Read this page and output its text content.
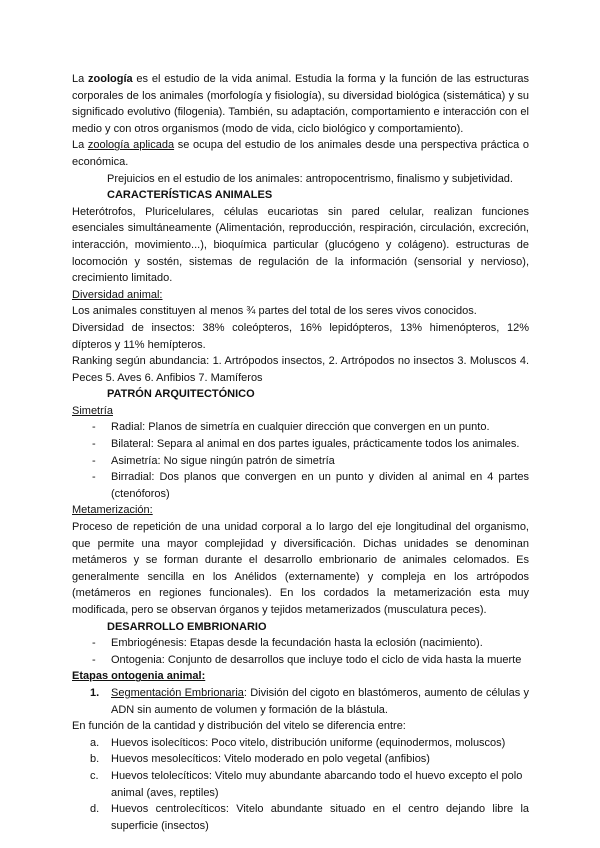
La zoología es el estudio de la vida animal. Estudia la forma y la función de las estructuras corporales de los animales (morfología y fisiología), su diversidad biológica (sistemática) y su significado evolutivo (filogenia). También, su adaptación, comportamiento e interacción con el medio y con otros organismos (modo de vida, ciclo biológico y comportamiento).

La zoología aplicada se ocupa del estudio de los animales desde una perspectiva práctica o económica.

Prejuicios en el estudio de los animales: antropocentrismo, finalismo y subjetividad.

CARACTERÍSTICAS ANIMALES

Heterótrofos, Pluricelulares, células eucariotas sin pared celular, realizan funciones esenciales simultáneamente (Alimentación, reproducción, respiración, circulación, excreción, interacción, movimiento...), bioquímica particular (glucógeno y colágeno). estructuras de locomoción y sostén, sistemas de regulación de la información (sensorial y nervioso), crecimiento limitado.

Diversidad animal:

Los animales constituyen al menos ¾ partes del total de los seres vivos conocidos.

Diversidad de insectos: 38% coleópteros, 16% lepidópteros, 13% himenópteros, 12% dípteros y 11% hemípteros.

Ranking según abundancia: 1. Artrópodos insectos, 2. Artrópodos no insectos 3. Moluscos 4. Peces 5. Aves 6. Anfibios 7. Mamíferos

PATRÓN ARQUITECTÓNICO

Simetría

- Radial: Planos de simetría en cualquier dirección que convergen en un punto.
- Bilateral: Separa al animal en dos partes iguales, prácticamente todos los animales.
- Asimetría: No sigue ningún patrón de simetría
- Birradial: Dos planos que convergen en un punto y dividen al animal en 4 partes (ctenóforos)

Metamerización:

Proceso de repetición de una unidad corporal a lo largo del eje longitudinal del organismo, que permite una mayor complejidad y diversificación. Dichas unidades se denominan metámeros y se forman durante el desarrollo embrionario de animales celomados. Es generalmente sencilla en los Anélidos (externamente) y compleja en los artrópodos (metámeros en regiones funcionales). En los cordados la metamerización esta muy modificada, pero se observan órganos y tejidos metamerizados (musculatura peces).

DESARROLLO EMBRIONARIO

- Embriogénesis: Etapas desde la fecundación hasta la eclosión (nacimiento).
- Ontogenia: Conjunto de desarrollos que incluye todo el ciclo de vida hasta la muerte

Etapas ontogenia animal:

1. Segmentación Embrionaria: División del cigoto en blastómeros, aumento de células y ADN sin aumento de volumen y formación de la blástula.

En función de la cantidad y distribución del vitelo se diferencia entre:

a. Huevos isolecíticos: Poco vitelo, distribución uniforme (equinodermos, moluscos)
b. Huevos mesolecíticos: Vitelo moderado en polo vegetal (anfibios)
c. Huevos telolecíticos: Vitelo muy abundante abarcando todo el huevo excepto el polo animal (aves, reptiles)
d. Huevos centrolecíticos: Vitelo abundante situado en el centro dejando libre la superficie (insectos)
